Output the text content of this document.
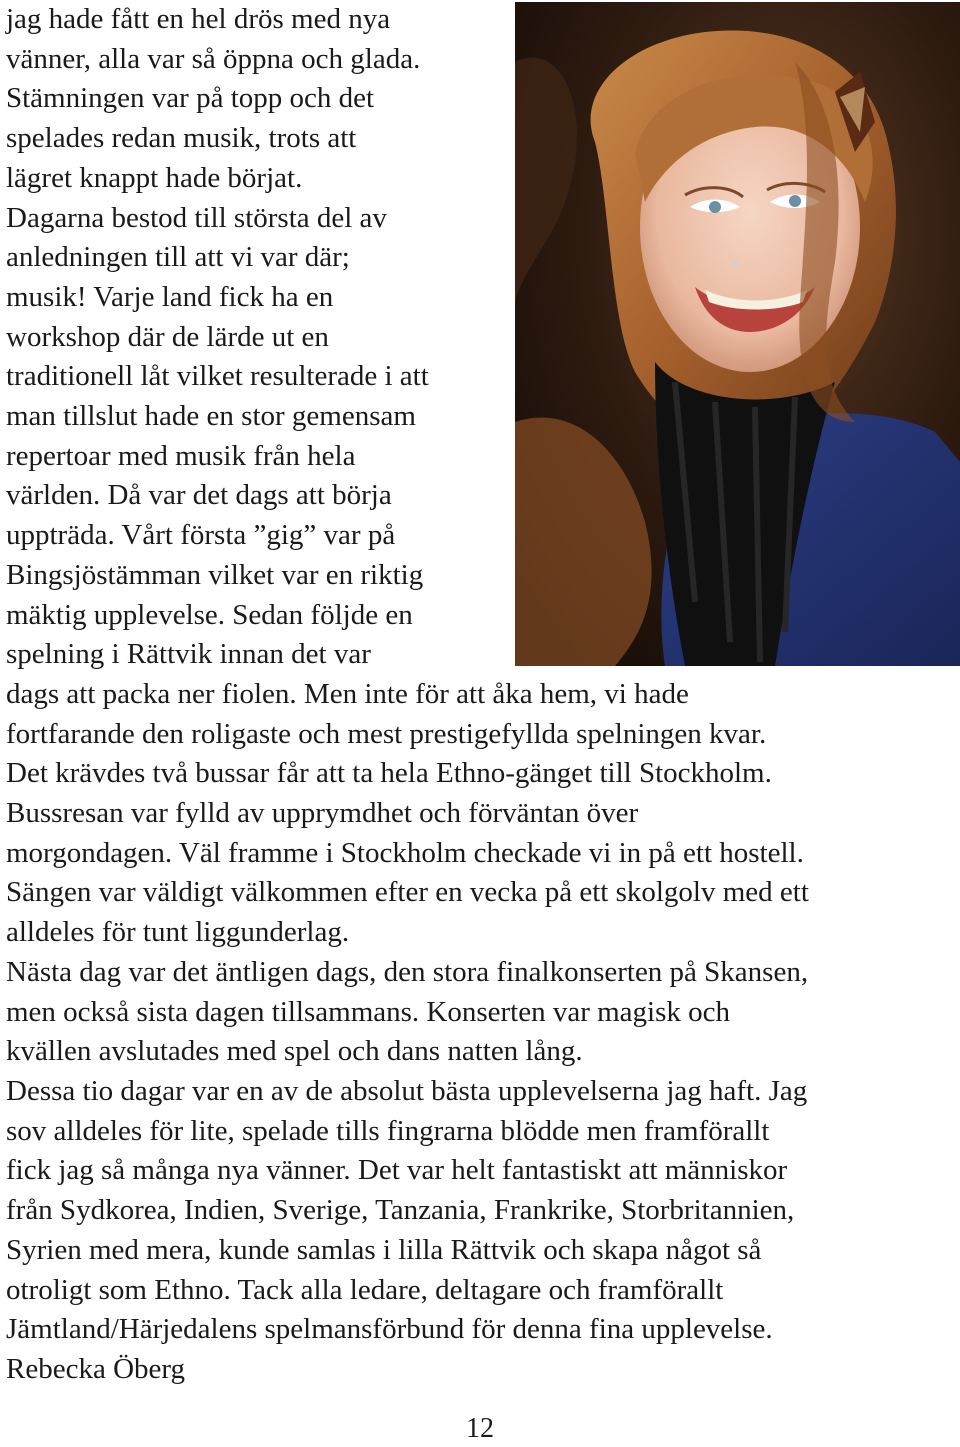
jag hade fått en hel drös med nya
vänner, alla var så öppna och glada.
Stämningen var på topp och det
spelades redan musik, trots att
lägret knappt hade börjat.
Dagarna bestod till största del av
anledningen till att vi var där;
musik! Varje land fick ha en
workshop där de lärde ut en
traditionell låt vilket resulterade i att
man tillslut hade en stor gemensam
repertoar med musik från hela
världen. Då var det dags att börja
uppträda. Vårt första ”gig” var på
Bingsjöstämman vilket var en riktig
mäktig upplevelse. Sedan följde en
spelning i Rättvik innan det var
dags att packa ner fiolen. Men inte för att åka hem, vi hade
fortfarande den roligaste och mest prestigefyllda spelningen kvar.
Det krävdes två bussar får att ta hela Ethno-gänget till Stockholm.
Bussresan var fylld av upprymdhet och förväntan över
morgondagen. Väl framme i Stockholm checkade vi in på ett hostell.
Sängen var väldigt välkommen efter en vecka på ett skolgolv med ett
alldeles för tunt liggunderlag.
Nästa dag var det äntligen dags, den stora finalkonserten på Skansen,
men också sista dagen tillsammans. Konserten var magisk och
kvällen avslutades med spel och dans natten lång.
Dessa tio dagar var en av de absolut bästa upplevelserna jag haft. Jag
sov alldeles för lite, spelade tills fingrarna blödde men framförallt
fick jag så många nya vänner. Det var helt fantastiskt att människor
från Sydkorea, Indien, Sverige, Tanzania, Frankrike, Storbritannien,
Syrien med mera, kunde samlas i lilla Rättvik och skapa något så
otroligt som Ethno. Tack alla ledare, deltagare och framförallt
Jämtland/Härjedalens spelmansförbund för denna fina upplevelse.
Rebecka Öberg
12
